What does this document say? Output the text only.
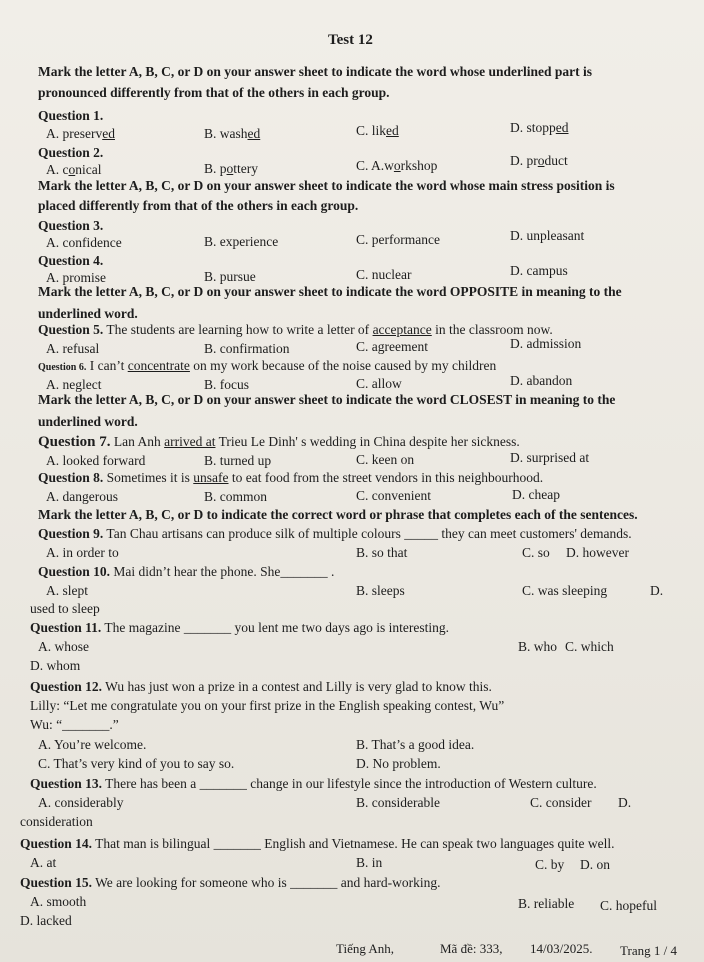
Test 12
Mark the letter A, B, C, or D on your answer sheet to indicate the word whose underlined part is
pronounced differently from that of the others in each group.
Question 1.
A. preserved	B. washed	C. liked	D. stopped
Question 2.
A. conical	B. pottery	C. A.workshop	D. product
Mark the letter A, B, C, or D on your answer sheet to indicate the word whose main stress position is
placed differently from that of the others in each group.
Question 3.
A. confidence	B. experience	C. performance	D. unpleasant
Question 4.
A. promise	B. pursue	C. nuclear	D. campus
Mark the letter A, B, C, or D on your answer sheet to indicate the word OPPOSITE in meaning to the
underlined word.
Question 5. The students are learning how to write a letter of acceptance in the classroom now.
A. refusal	B. confirmation	C. agreement	D. admission
Question 6. I can’t concentrate on my work because of the noise caused by my children
A. neglect	B. focus	C. allow	D. abandon
Mark the letter A, B, C, or D on your answer sheet to indicate the word CLOSEST in meaning to the
underlined word.
Question 7. Lan Anh arrived at Trieu Le Dinh' s wedding in China despite her sickness.
A. looked forward	B. turned up	C. keen on	D. surprised at
Question 8. Sometimes it is unsafe to eat food from the street vendors in this neighbourhood.
A. dangerous	B. common	C. convenient	D. cheap
Mark the letter A, B, C, or D to indicate the correct word or phrase that completes each of the sentences.
Question 9. Tan Chau artisans can produce silk of multiple colours _____ they can meet customers' demands.
A. in order to	B. so that	C. so D. however
Question 10. Mai didn’t hear the phone. She_______ .
A. slept	B. sleeps	C. was sleeping	D.
used to sleep
Question 11. The magazine _______ you lent me two days ago is interesting.
A. whose	B. who C. which
D. whom
Question 12. Wu has just won a prize in a contest and Lilly is very glad to know this.
Lilly: “Let me congratulate you on your first prize in the English speaking contest, Wu”
Wu: “_______.”
A. You’re welcome.	B. That’s a good idea.
C. That’s very kind of you to say so.	D. No problem.
Question 13. There has been a _______ change in our lifestyle since the introduction of Western culture.
A. considerably	B. considerable	C. consider D.
consideration
Question 14. That man is bilingual _______ English and Vietnamese. He can speak two languages quite well.
A. at	B. in	C. by D. on
Question 15. We are looking for someone who is _______ and hard-working.
A. smooth	B. reliable C. hopeful
D. lacked
Tiếng Anh,	Mã đề: 333, 14/03/2025. Trang 1 / 4
